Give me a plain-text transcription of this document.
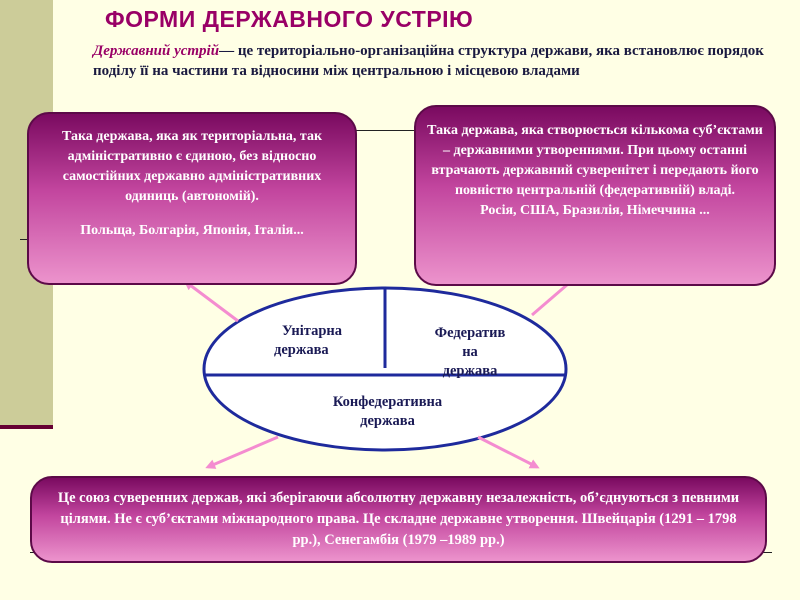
ФОРМИ ДЕРЖАВНОГО УСТРІЮ
Державний устрій— це територіально-організаційна структура держави, яка встановлює порядок поділу її на частини та відносини між центральною і місцевою владами
Унітарна
держава
Федератив
на
держава
Конфедеративна
держава
Така держава, яка як територіальна, так адміністративно є єдиною, без відносно самостійних державно адміністративних одиниць (автономій).
Польща, Болгарія, Японія, Італія...
Така держава, яка створюється кількома суб’єктами – державними утвореннями. При цьому останні втрачають державний суверенітет і передають його повністю центральній (федеративній) владі.
Росія, США, Бразилія, Німеччина ...
Це союз суверенних держав, які зберігаючи абсолютну державну незалежність, об’єднуються з певними цілями. Не є суб’єктами міжнародного права. Це складне державне утворення. Швейцарія (1291 – 1798 рр.), Сенегамбія (1979 –1989 рр.)
